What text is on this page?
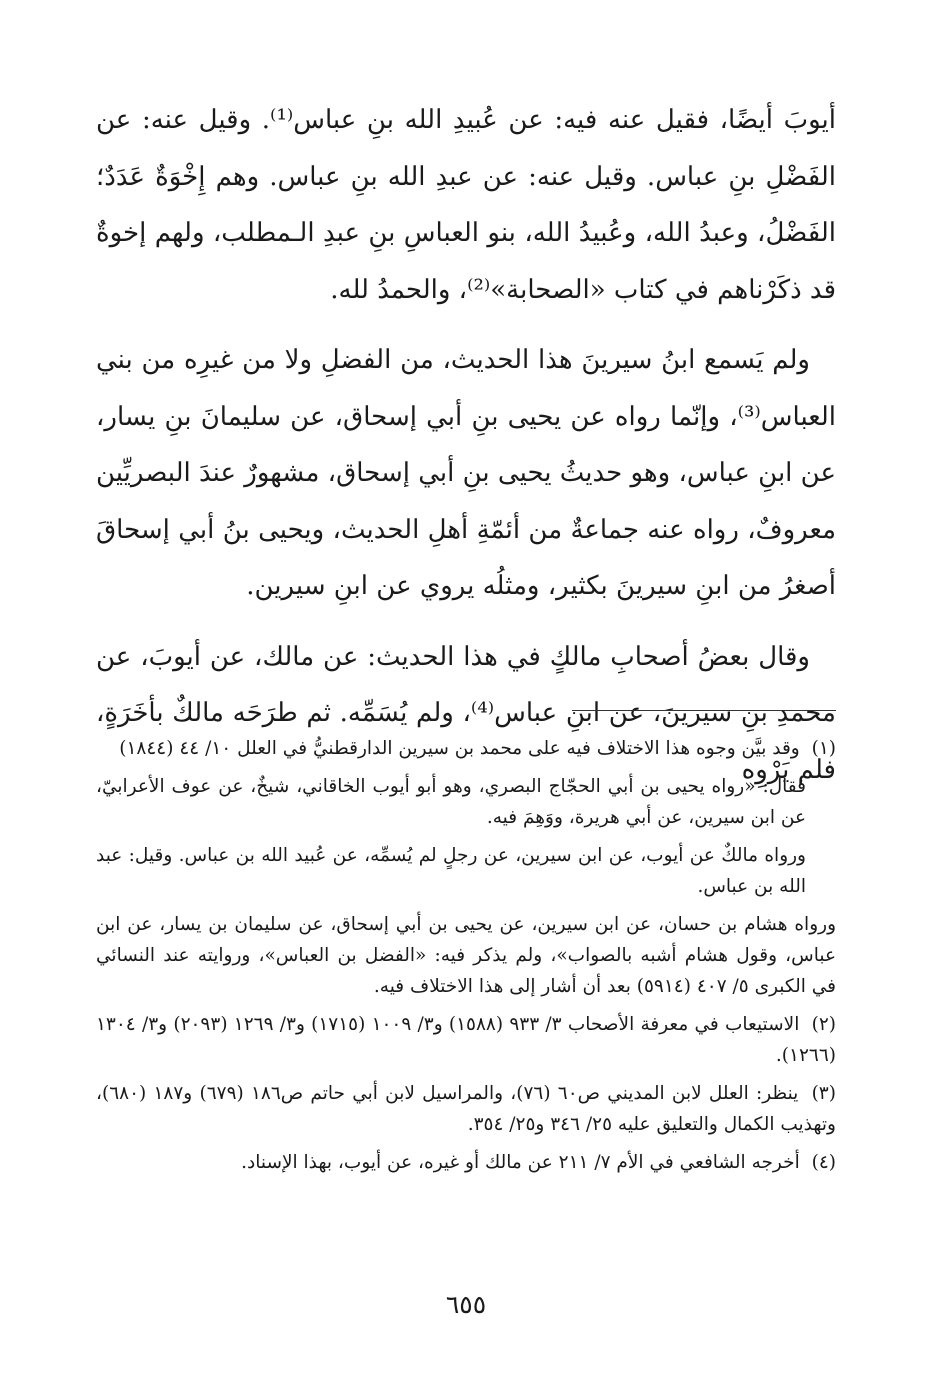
أيوبَ أيضًا، فقيل عنه فيه: عن عُبيدِ الله بنِ عباس⁽¹⁾. وقيل عنه: عن الفَضْلِ بنِ عباس. وقيل عنه: عن عبدِ الله بنِ عباس. وهم إِخْوَةٌ عَدَدٌ؛ الفَضْلُ، وعبدُ الله، وعُبيدُ الله، بنو العباسِ بنِ عبدِ الـمطلب، ولهم إخوةٌ قد ذكَرْناهم في كتاب «الصحابة»⁽²⁾، والحمدُ لله.

ولم يَسمع ابنُ سيرينَ هذا الحديث، من الفضلِ ولا من غيرِه من بني العباس⁽³⁾، وإنّما رواه عن يحيى بنِ أبي إسحاق، عن سليمانَ بنِ يسار، عن ابنِ عباس، وهو حديثُ يحيى بنِ أبي إسحاق، مشهورٌ عندَ البصريِّين معروفٌ، رواه عنه جماعةٌ من أئمّةِ أهلِ الحديث، ويحيى بنُ أبي إسحاقَ أصغرُ من ابنِ سيرينَ بكثير، ومثلُه يروي عن ابنِ سيرين.

وقال بعضُ أصحابِ مالكٍ في هذا الحديث: عن مالك، عن أيوبَ، عن محمدِ بنِ سيرينَ، عن ابنِ عباس⁽⁴⁾، ولم يُسَمِّه. ثم طرَحَه مالكٌ بأخَرَةٍ، فلم يَرْوِه

(١) وقد بيَّن وجوه هذا الاختلاف فيه على محمد بن سيرين الدارقطنيُّ في العلل ١٠/ ٤٤ (١٨٤٤)

فقال: «رواه يحيى بن أبي الحجّاج البصري، وهو أبو أيوب الخاقاني، شيخٌ، عن عوف الأعرابيّ، عن ابن سيرين، عن أبي هريرة، ووَهِمَ فيه.

ورواه مالكٌ عن أيوب، عن ابن سيرين، عن رجلٍ لم يُسمِّه، عن عُبيد الله بن عباس. وقيل: عبد الله بن عباس.

ورواه هشام بن حسان، عن ابن سيرين، عن يحيى بن أبي إسحاق، عن سليمان بن يسار، عن ابن عباس، وقول هشام أشبه بالصواب»، ولم يذكر فيه: «الفضل بن العباس»، وروايته عند النسائي في الكبرى ٥/ ٤٠٧ (٥٩١٤) بعد أن أشار إلى هذا الاختلاف فيه.

(٢) الاستيعاب في معرفة الأصحاب ٣/ ٩٣٣ (١٥٨٨) و٣/ ١٠٠٩ (١٧١٥) و٣/ ١٢٦٩ (٢٠٩٣) و٣/ ١٣٠٤ (١٢٦٦).

(٣) ينظر: العلل لابن المديني ص٦٠ (٧٦)، والمراسيل لابن أبي حاتم ص١٨٦ (٦٧٩) و١٨٧ (٦٨٠)، وتهذيب الكمال والتعليق عليه ٢٥/ ٣٤٦ و٢٥/ ٣٥٤.

(٤) أخرجه الشافعي في الأم ٧/ ٢١١ عن مالك أو غيره، عن أيوب، بهذا الإسناد.

٦٥٥
